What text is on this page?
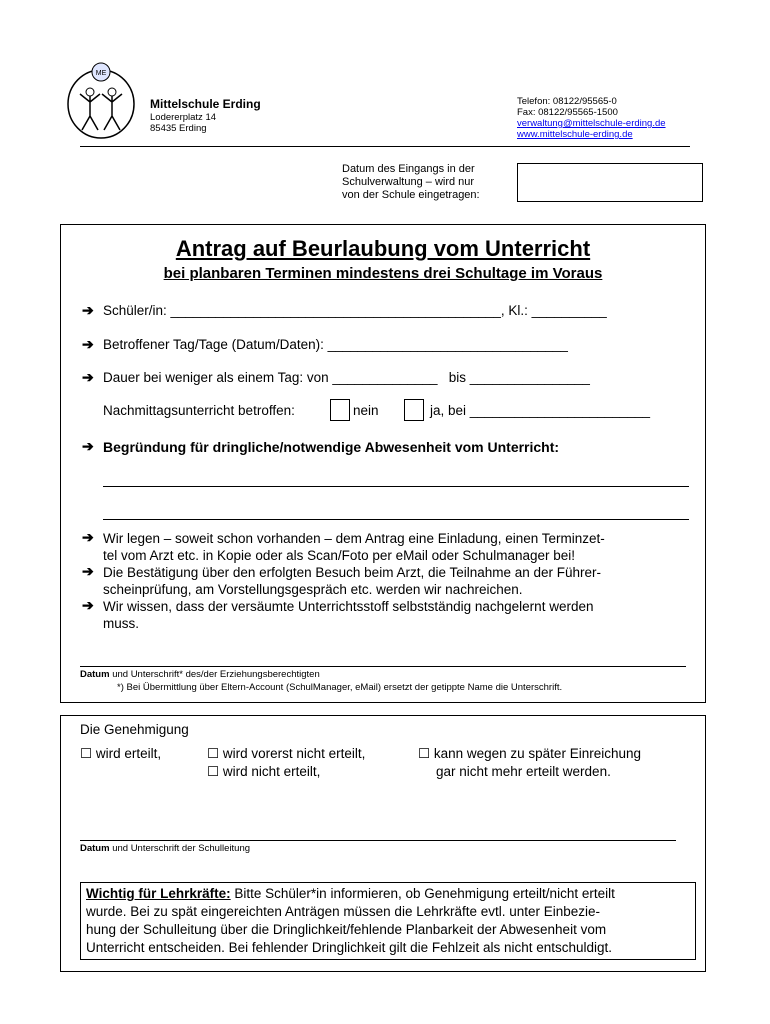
ME
Mittelschule Erding
Lodererplatz 14
85435 Erding
Telefon: 08122/95565-0
Fax: 08122/95565-1500
verwaltung@mittelschule-erding.de
www.mittelschule-erding.de
Datum des Eingangs in der
Schulverwaltung – wird nur
von der Schule eingetragen:
Antrag auf Beurlaubung vom Unterricht
bei planbaren Terminen mindestens drei Schultage im Voraus
➔ Schüler/in: ____________________________________________, Kl.: __________
➔ Betroffener Tag/Tage (Datum/Daten): ________________________________
➔ Dauer bei weniger als einem Tag: von ______________   bis ________________
Nachmittagsunterricht betroffen:	nein	ja, bei ________________________
➔ Begründung für dringliche/notwendige Abwesenheit vom Unterricht:
➔ Wir legen – soweit schon vorhanden – dem Antrag eine Einladung, einen Terminzet-
tel vom Arzt etc. in Kopie oder als Scan/Foto per eMail oder Schulmanager bei!
➔ Die Bestätigung über den erfolgten Besuch beim Arzt, die Teilnahme an der Führer-
scheinprüfung, am Vorstellungsgespräch etc. werden wir nachreichen.
➔ Wir wissen, dass der versäumte Unterrichtsstoff selbstständig nachgelernt werden
muss.
Datum und Unterschrift* des/der Erziehungsberechtigten
*) Bei Übermittlung über Eltern-Account (SchulManager, eMail) ersetzt der getippte Name die Unterschrift.
Die Genehmigung
☐ wird erteilt,	☐ wird vorerst nicht erteilt,
☐ wird nicht erteilt,
☐ kann wegen zu später Einreichung
gar nicht mehr erteilt werden.
Datum und Unterschrift der Schulleitung
Wichtig für Lehrkräfte: Bitte Schüler*in informieren, ob Genehmigung erteilt/nicht erteilt
wurde. Bei zu spät eingereichten Anträgen müssen die Lehrkräfte evtl. unter Einbezie-
hung der Schulleitung über die Dringlichkeit/fehlende Planbarkeit der Abwesenheit vom
Unterricht entscheiden. Bei fehlender Dringlichkeit gilt die Fehlzeit als nicht entschuldigt.
